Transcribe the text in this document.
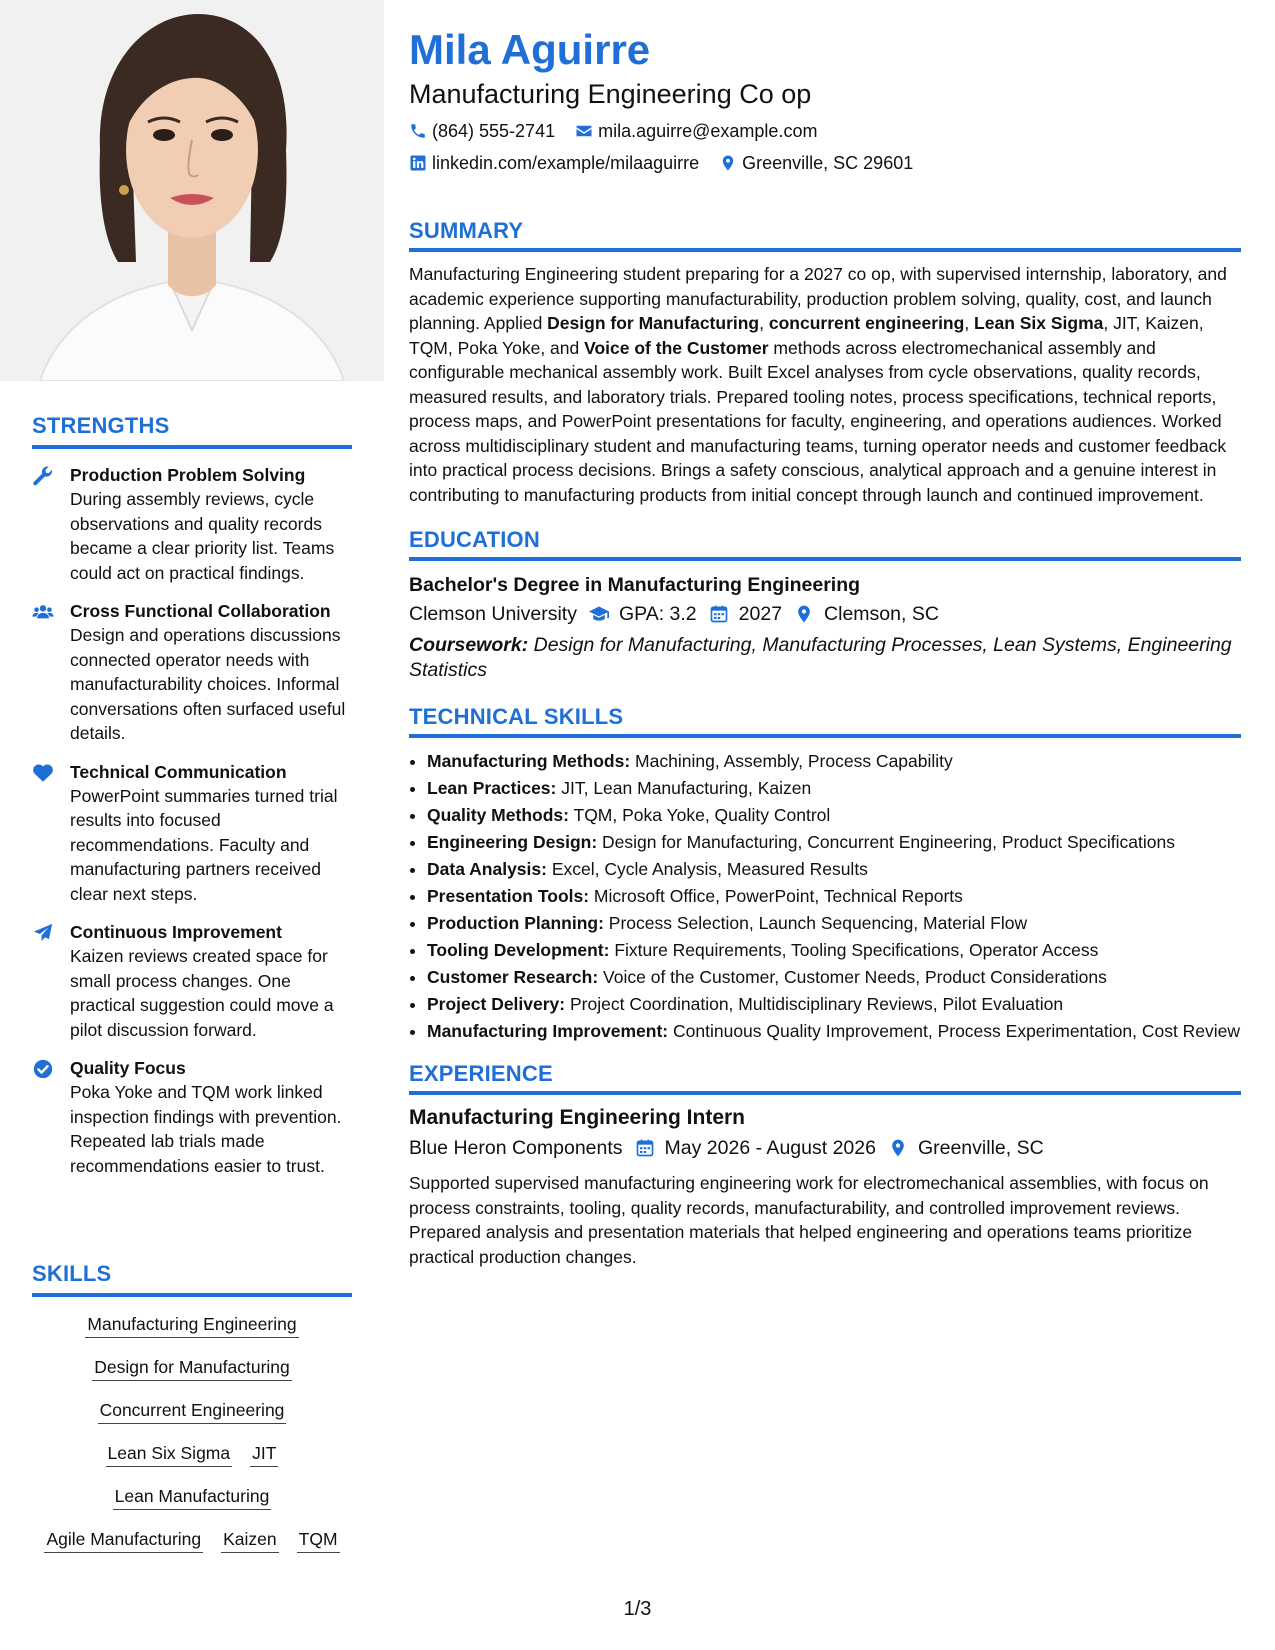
STRENGTHS
Production Problem Solving
During assembly reviews, cycle observations and quality records became a clear priority list. Teams could act on practical findings.
Cross Functional Collaboration
Design and operations discussions connected operator needs with manufacturability choices. Informal conversations often surfaced useful details.
Technical Communication
PowerPoint summaries turned trial results into focused recommendations. Faculty and manufacturing partners received clear next steps.
Continuous Improvement
Kaizen reviews created space for small process changes. One practical suggestion could move a pilot discussion forward.
Quality Focus
Poka Yoke and TQM work linked inspection findings with prevention. Repeated lab trials made recommendations easier to trust.
SKILLS
Manufacturing Engineering
Design for Manufacturing
Concurrent Engineering
Lean Six Sigma JIT
Lean Manufacturing
Agile Manufacturing Kaizen TQM
Mila Aguirre
Manufacturing Engineering Co op
(864) 555-2741 mila.aguirre@example.com
linkedin.com/example/milaaguirre Greenville, SC 29601
SUMMARY

Manufacturing Engineering student preparing for a 2027 co op, with supervised internship, laboratory, and academic experience supporting manufacturability, production problem solving, quality, cost, and launch planning. Applied Design for Manufacturing, concurrent engineering, Lean Six Sigma, JIT, Kaizen, TQM, Poka Yoke, and Voice of the Customer methods across electromechanical assembly and configurable mechanical assembly work. Built Excel analyses from cycle observations, quality records, measured results, and laboratory trials. Prepared tooling notes, process specifications, technical reports, process maps, and PowerPoint presentations for faculty, engineering, and operations audiences. Worked across multidisciplinary student and manufacturing teams, turning operator needs and customer feedback into practical process decisions. Brings a safety conscious, analytical approach and a genuine interest in contributing to manufacturing products from initial concept through launch and continued improvement.

EDUCATION
Bachelor's Degree in Manufacturing Engineering
Clemson University GPA: 3.2 2027 Clemson, SC
Coursework: Design for Manufacturing, Manufacturing Processes, Lean Systems, Engineering Statistics
TECHNICAL SKILLS
• Manufacturing Methods: Machining, Assembly, Process Capability
• Lean Practices: JIT, Lean Manufacturing, Kaizen
• Quality Methods: TQM, Poka Yoke, Quality Control
• Engineering Design: Design for Manufacturing, Concurrent Engineering, Product Specifications
• Data Analysis: Excel, Cycle Analysis, Measured Results
• Presentation Tools: Microsoft Office, PowerPoint, Technical Reports
• Production Planning: Process Selection, Launch Sequencing, Material Flow
• Tooling Development: Fixture Requirements, Tooling Specifications, Operator Access
• Customer Research: Voice of the Customer, Customer Needs, Product Considerations
• Project Delivery: Project Coordination, Multidisciplinary Reviews, Pilot Evaluation
• Manufacturing Improvement: Continuous Quality Improvement, Process Experimentation, Cost Review
EXPERIENCE
Manufacturing Engineering Intern
Blue Heron Components May 2026 - August 2026 Greenville, SC

Supported supervised manufacturing engineering work for electromechanical assemblies, with focus on process constraints, tooling, quality records, manufacturability, and controlled improvement reviews. Prepared analysis and presentation materials that helped engineering and operations teams prioritize practical production changes.

1/3
